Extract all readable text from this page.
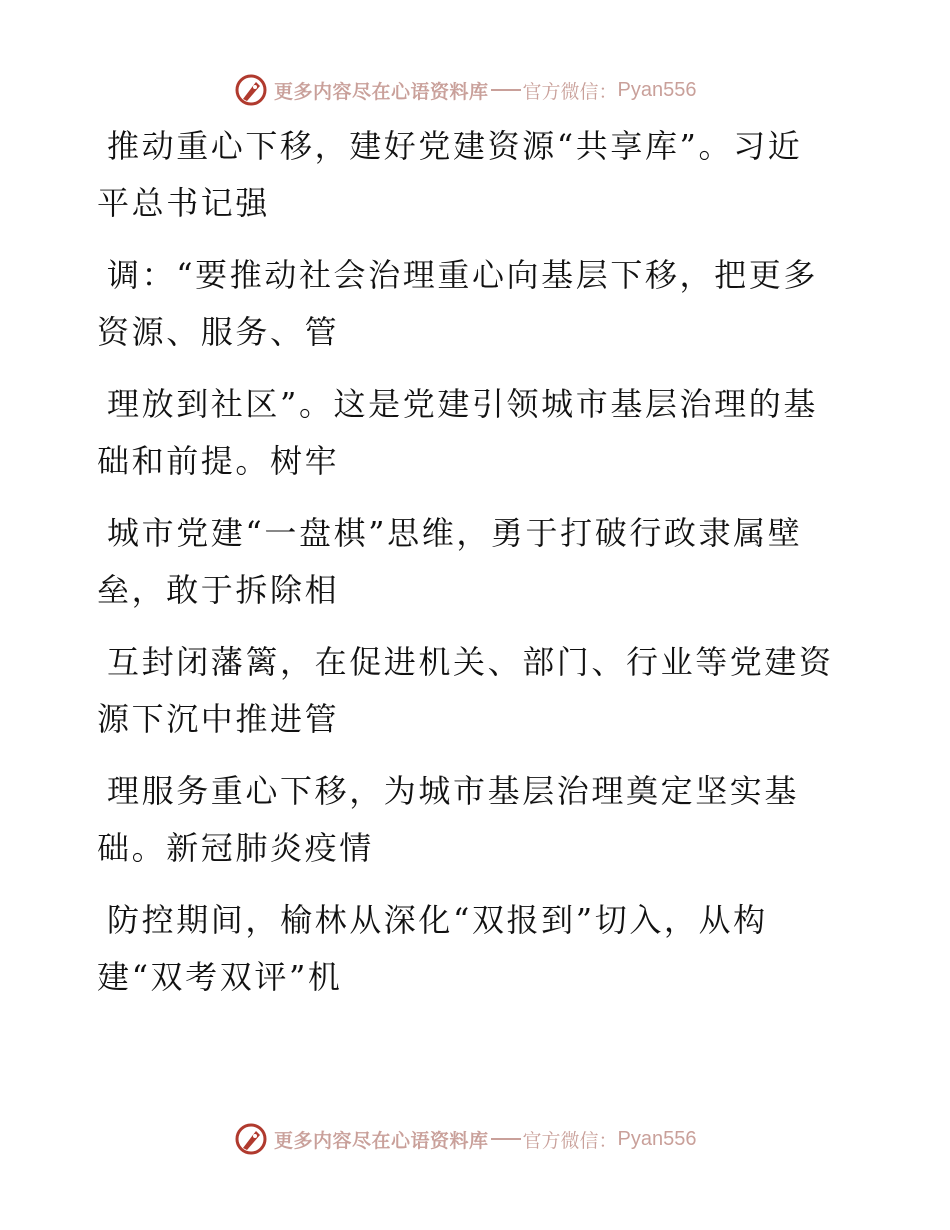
更多内容尽在心语资料库 官方微信： Pyan556
推动重心下移，建好党建资源“共享库”。习近
平总书记强
调：“要推动社会治理重心向基层下移，把更多
资源、服务、管
理放到社区”。这是党建引领城市基层治理的基
础和前提。树牢
城市党建“一盘棋”思维，勇于打破行政隶属壁
垒，敢于拆除相
互封闭藩篱，在促进机关、部门、行业等党建资
源下沉中推进管
理服务重心下移，为城市基层治理奠定坚实基
础。新冠肺炎疫情
防控期间，榆林从深化“双报到”切入，从构
建“双考双评”机
更多内容尽在心语资料库 官方微信： Pyan556
